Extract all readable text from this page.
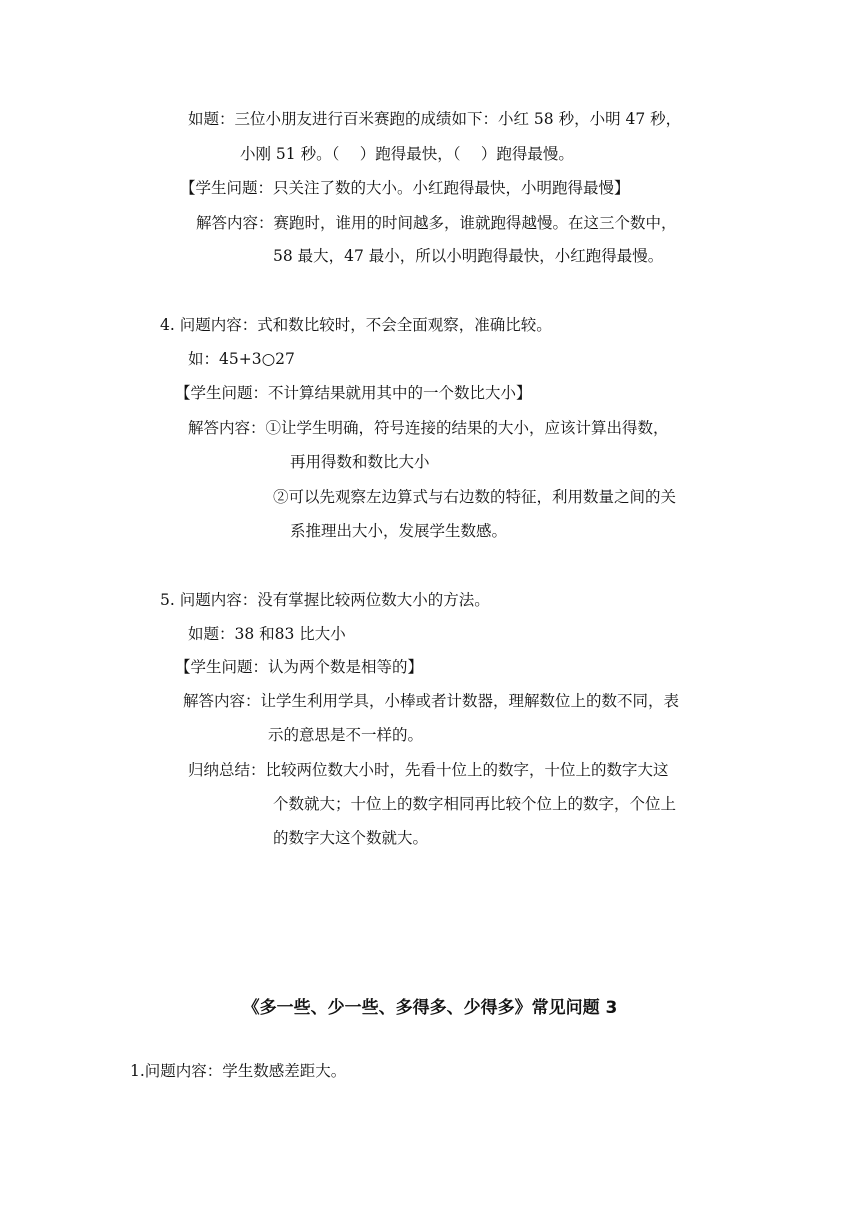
如题：三位小朋友进行百米赛跑的成绩如下：小红 58 秒，小明 47 秒，
小刚 51 秒。（　 ）跑得最快，（　 ）跑得最慢。
【学生问题：只关注了数的大小。小红跑得最快，小明跑得最慢】
解答内容：赛跑时，谁用的时间越多，谁就跑得越慢。在这三个数中，
58 最大，47 最小，所以小明跑得最快，小红跑得最慢。
4. 问题内容：式和数比较时，不会全面观察，准确比较。
如：45+3○27
【学生问题：不计算结果就用其中的一个数比大小】
解答内容：①让学生明确，符号连接的结果的大小，应该计算出得数，
再用得数和数比大小
②可以先观察左边算式与右边数的特征，利用数量之间的关
系推理出大小，发展学生数感。
5. 问题内容：没有掌握比较两位数大小的方法。
如题：38 和83 比大小
【学生问题：认为两个数是相等的】
解答内容：让学生利用学具，小棒或者计数器，理解数位上的数不同，表
示的意思是不一样的。
归纳总结：比较两位数大小时，先看十位上的数字，十位上的数字大这
个数就大；十位上的数字相同再比较个位上的数字，个位上
的数字大这个数就大。
《多一些、少一些、多得多、少得多》常见问题 3
1.问题内容：学生数感差距大。
